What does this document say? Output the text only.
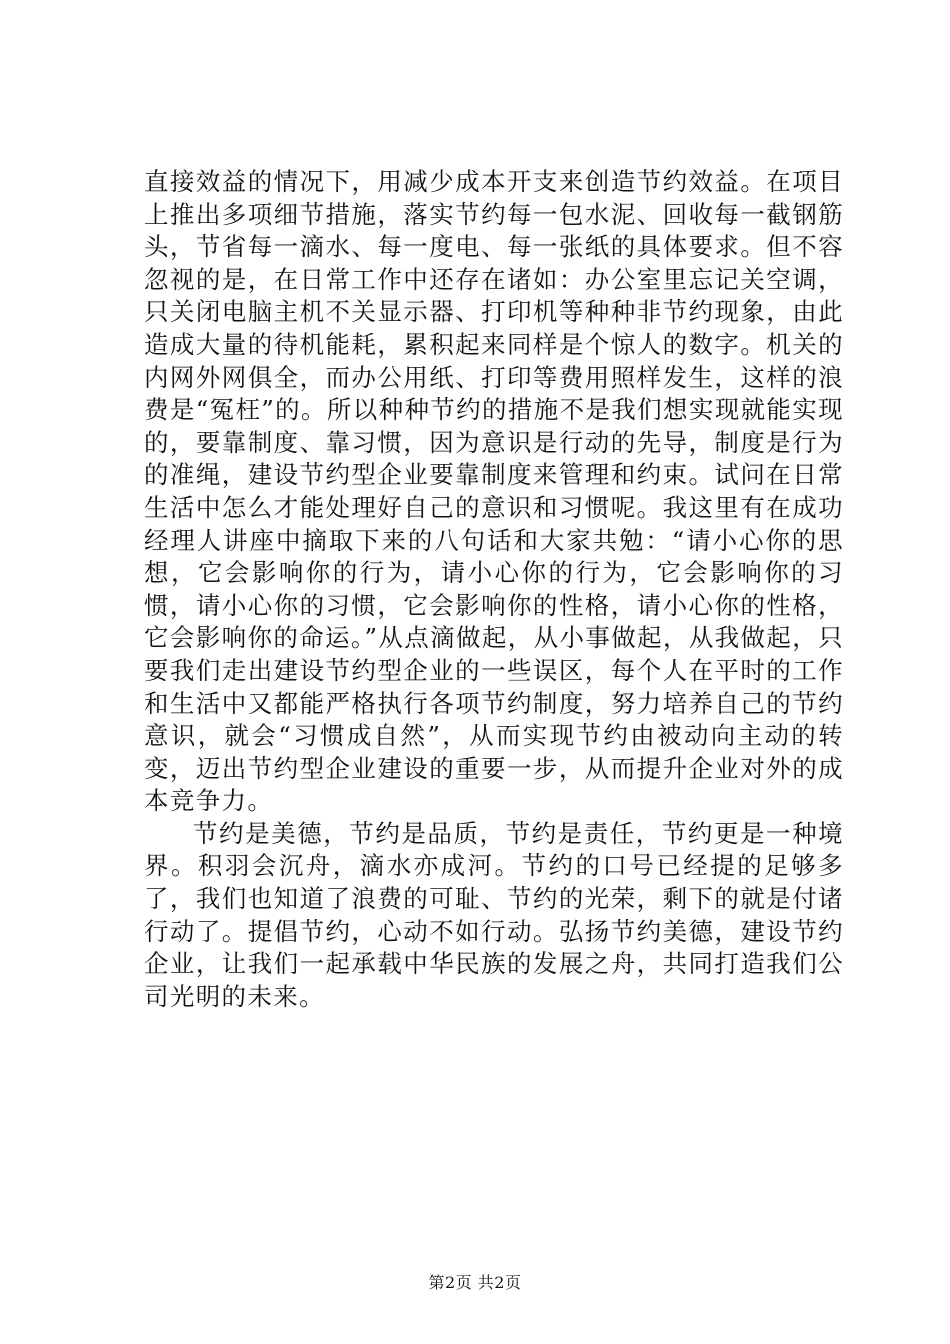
直接效益的情况下，用减少成本开支来创造节约效益。在项目上推出多项细节措施，落实节约每一包水泥、回收每一截钢筋头，节省每一滴水、每一度电、每一张纸的具体要求。但不容忽视的是，在日常工作中还存在诸如：办公室里忘记关空调，只关闭电脑主机不关显示器、打印机等种种非节约现象，由此造成大量的待机能耗，累积起来同样是个惊人的数字。机关的内网外网俱全，而办公用纸、打印等费用照样发生，这样的浪费是“冤枉”的。所以种种节约的措施不是我们想实现就能实现的，要靠制度、靠习惯，因为意识是行动的先导，制度是行为的准绳，建设节约型企业要靠制度来管理和约束。试问在日常生活中怎么才能处理好自己的意识和习惯呢。我这里有在成功经理人讲座中摘取下来的八句话和大家共勉：“请小心你的思想，它会影响你的行为，请小心你的行为，它会影响你的习惯，请小心你的习惯，它会影响你的性格，请小心你的性格，它会影响你的命运。”从点滴做起，从小事做起，从我做起，只要我们走出建设节约型企业的一些误区，每个人在平时的工作和生活中又都能严格执行各项节约制度，努力培养自己的节约意识，就会“习惯成自然”，从而实现节约由被动向主动的转变，迈出节约型企业建设的重要一步，从而提升企业对外的成本竞争力。

节约是美德，节约是品质，节约是责任，节约更是一种境界。积羽会沉舟，滴水亦成河。节约的口号已经提的足够多了，我们也知道了浪费的可耻、节约的光荣，剩下的就是付诸行动了。提倡节约，心动不如行动。弘扬节约美德，建设节约企业，让我们一起承载中华民族的发展之舟，共同打造我们公司光明的未来。

第2页 共2页
